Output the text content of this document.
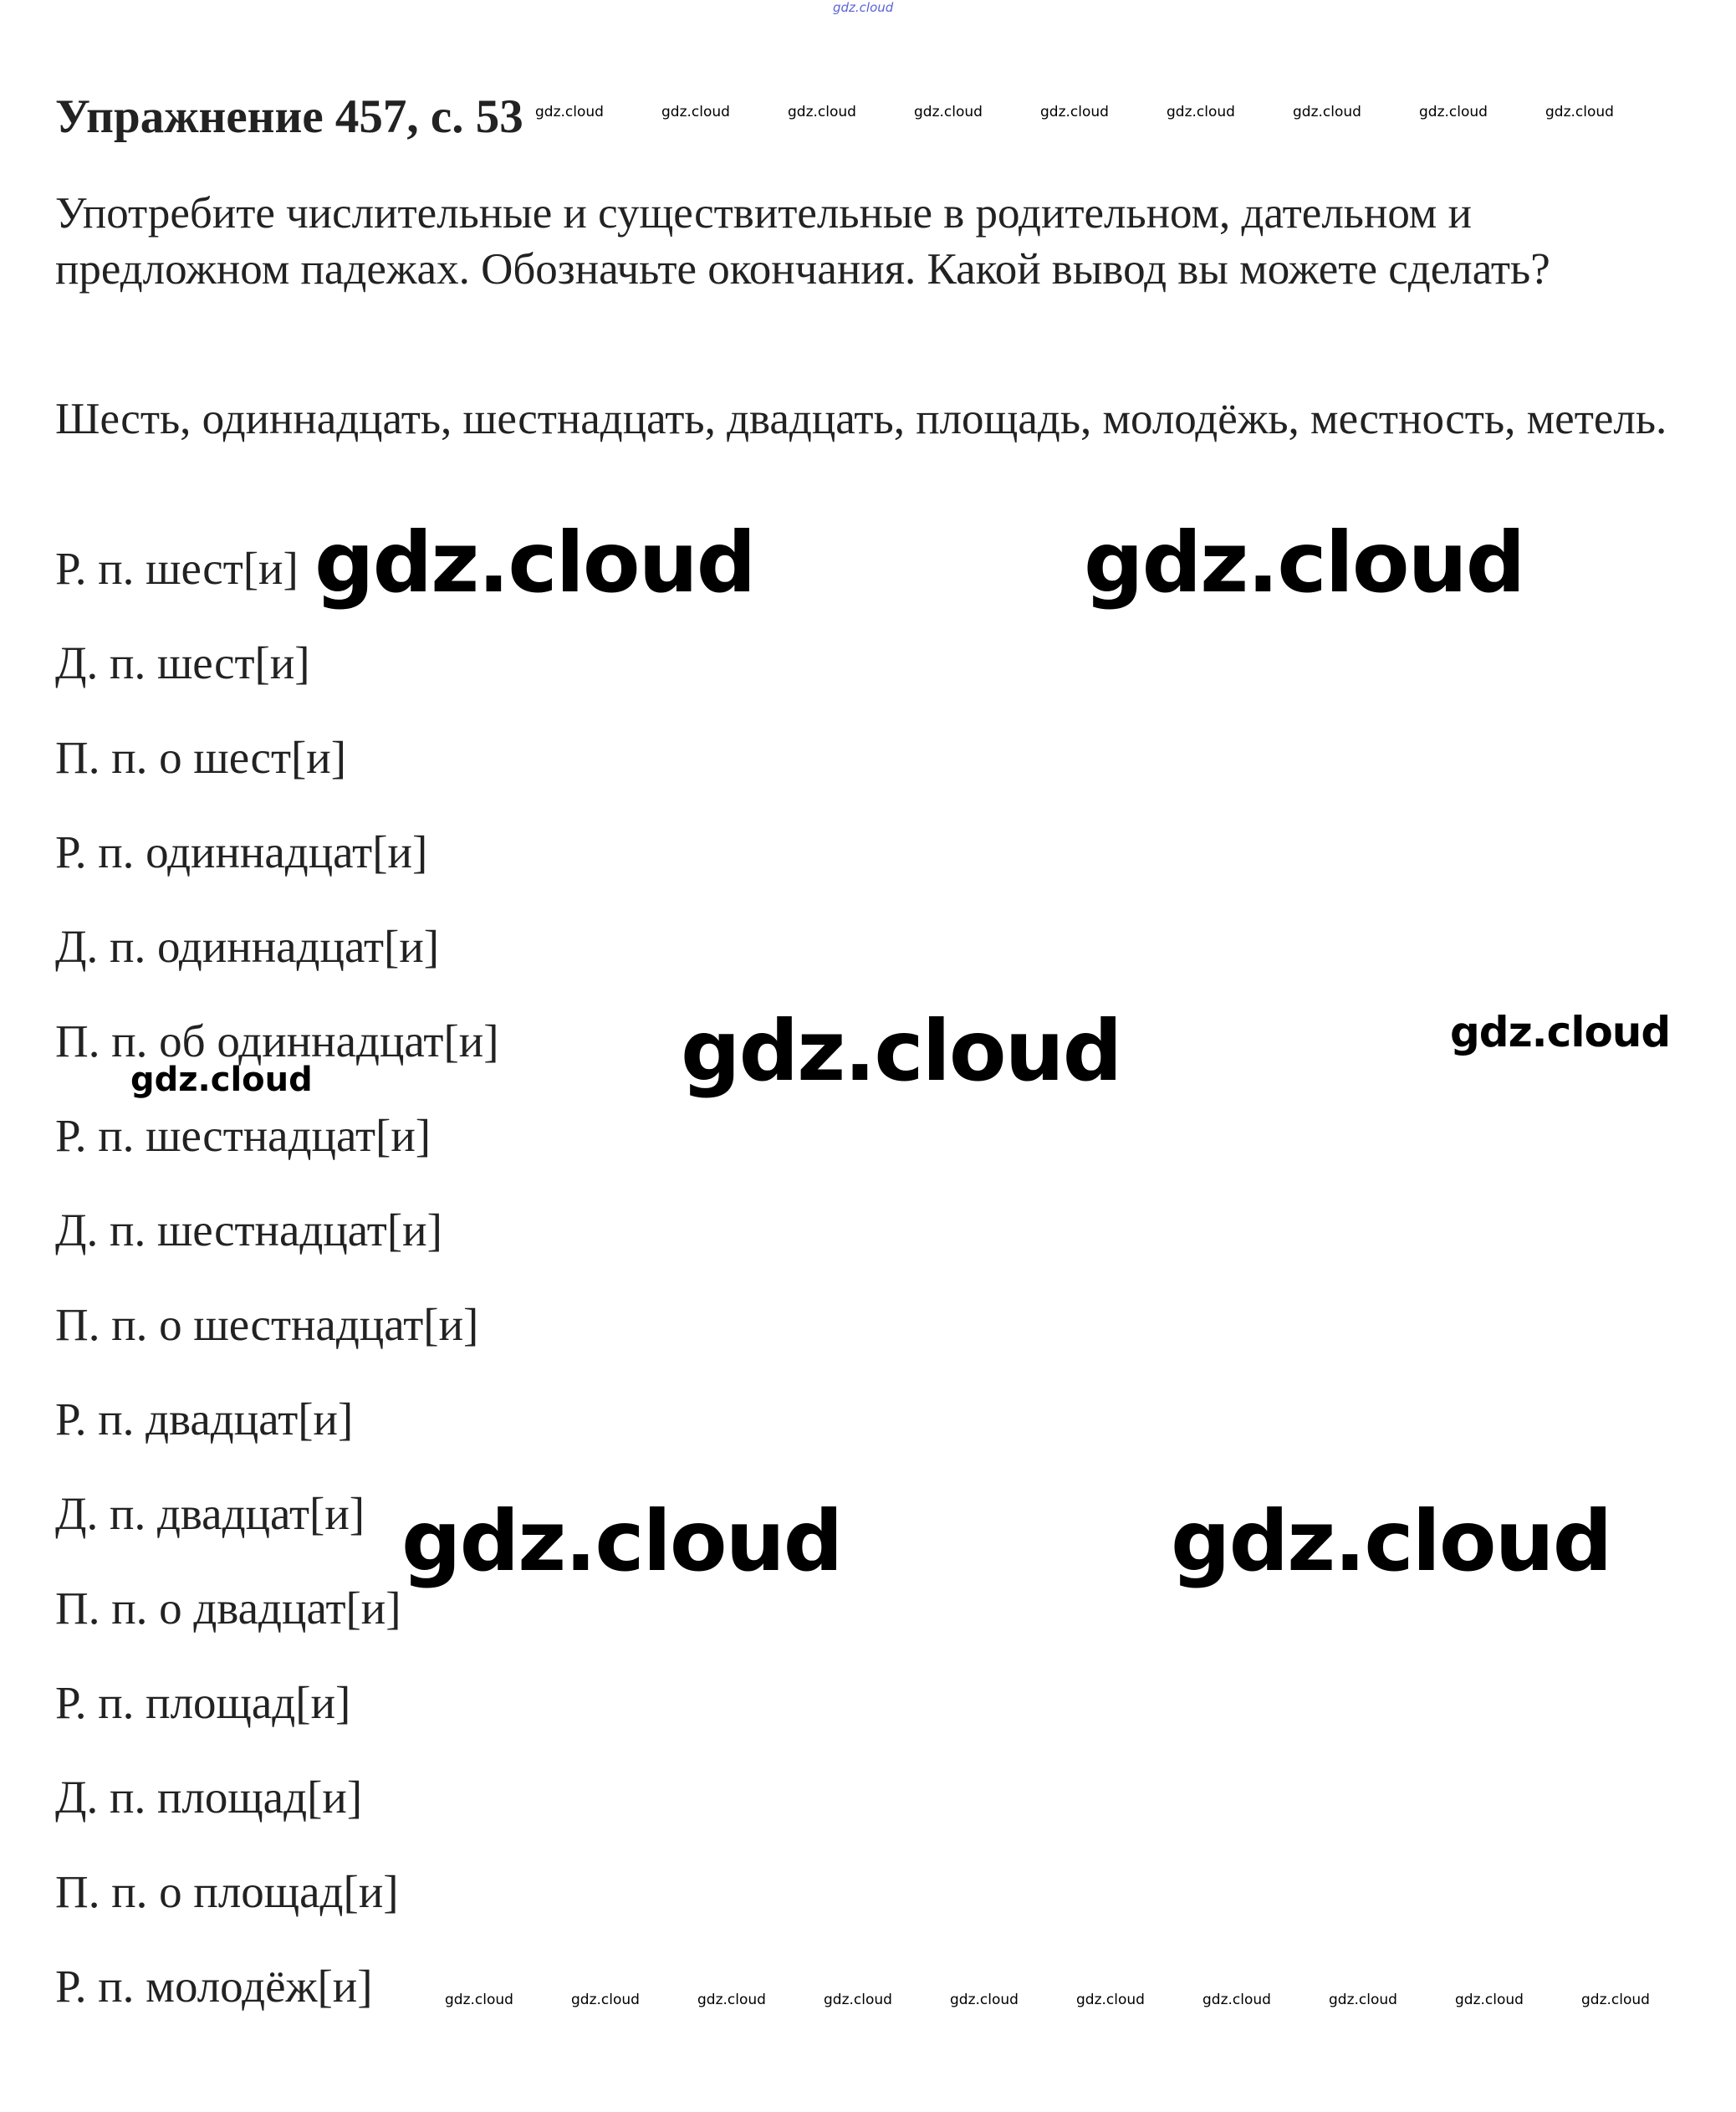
gdz.cloud
Упражнение 457, с. 53 gdz.cloud	gdz.cloud	gdz.cloud	gdz.cloud	gdz.cloud	gdz.cloud	gdz.cloud	gdz.cloud	gdz.cloud

Употребите числительные и существительные в родительном, дательном и предложном падежах. Обозначьте окончания. Какой вывод вы можете сделать?

Шесть, одиннадцать, шестнадцать, двадцать, площадь, молодёжь, местность, метель.

Р. п. шест[и]
Д. п. шест[и]
П. п. о шест[и]
Р. п. одиннадцат[и]
Д. п. одиннадцат[и]
П. п. об одиннадцат[и]
Р. п. шестнадцат[и]
Д. п. шестнадцат[и]
П. п. о шестнадцат[и]
Р. п. двадцат[и]
Д. п. двадцат[и]
П. п. о двадцат[и]
Р. п. площад[и]
Д. п. площад[и]
П. п. о площад[и]
Р. п. молодёж[и]
gdz.cloud	gdz.cloud
gdz.cloud	gdz.cloud
gdz.cloud
gdz.cloud	gdz.cloud
gdz.cloud	gdz.cloud	gdz.cloud	gdz.cloud	gdz.cloud	gdz.cloud	gdz.cloud	gdz.cloud	gdz.cloud	gdz.cloud
